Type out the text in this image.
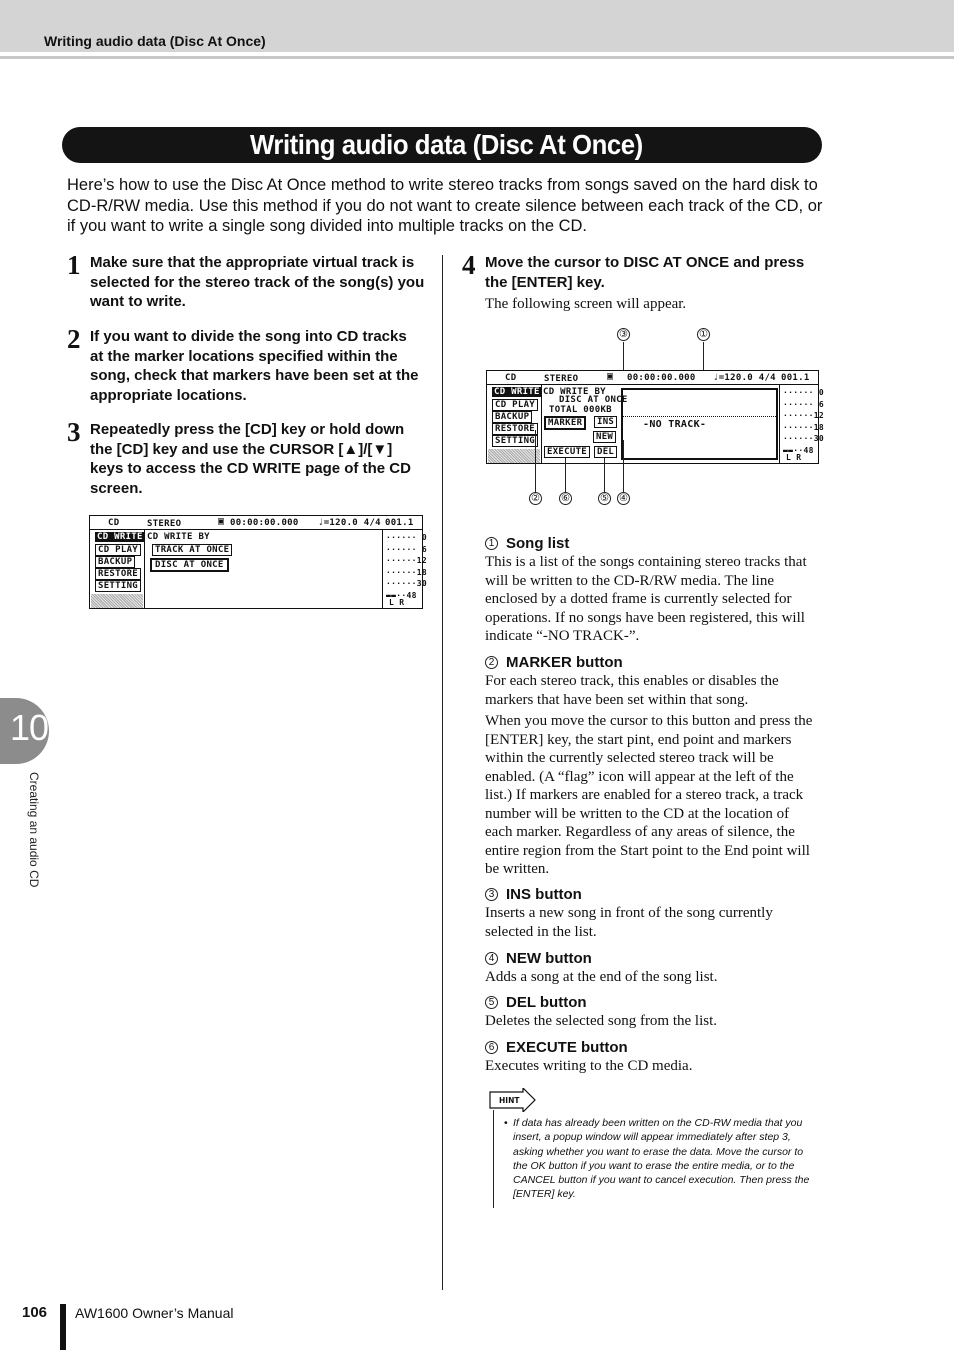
Writing audio data (Disc At Once)
Writing audio data (Disc At Once)

Here’s how to use the Disc At Once method to write stereo tracks from songs saved on the hard disk to CD-R/RW media. Use this method if you do not want to create silence between each track of the CD, or if you want to write a single song divided into multiple tracks on the CD.

1 Make sure that the appropriate virtual track is selected for the stereo track of the song(s) you want to write.
2 If you want to divide the song into CD tracks at the marker locations specified within the song, check that markers have been set at the appropriate locations.
3 Repeatedly press the [CD] key or hold down the [CD] key and use the CURSOR [▲]/[▼] keys to access the CD WRITE page of the CD screen.
CD	STEREO	▣ 00:00:00.000 ♩=120.0 4/4 001.1
CD WRITE
CD PLAY
BACKUP
RESTORE
SETTING
CD WRITE BY
TRACK AT ONCE
DISC AT ONCE
······ 0
······ 6
······12
······18
······30
▬▬··48
L R
4 Move the cursor to DISC AT ONCE and press the [ENTER] key.
The following screen will appear.
③	①
CD	STEREO	▣ 00:00:00.000 ♩=120.0 4/4 001.1
CD WRITE
CD PLAY
BACKUP
RESTORE
SETTING
CD WRITE BY
DISC AT ONCE
TOTAL 000KB
-NO TRACK-
MARKER	INS
NEW
EXECUTE	DEL
······ 0
······ 6
······12
······18
······30
▬▬··48
L R
② ⑥	⑤ ④
1 Song list

This is a list of the songs containing stereo tracks that will be written to the CD-R/RW media. The line enclosed by a dotted frame is currently selected for operations. If no songs have been registered, this will indicate “-NO TRACK-”.

2 MARKER button

For each stereo track, this enables or disables the markers that have been set within that song.

When you move the cursor to this button and press the [ENTER] key, the start pint, end point and markers within the currently selected stereo track will be enabled. (A “flag” icon will appear at the left of the list.) If markers are enabled for a stereo track, a track number will be written to the CD at the location of each marker. Regardless of any areas of silence, the entire region from the Start point to the End point will be written.

3 INS button

Inserts a new song in front of the song currently selected in the list.

4 NEW button

Adds a song at the end of the song list.

5 DEL button

Deletes the selected song from the list.

6 EXECUTE button

Executes writing to the CD media.

HINT
• If data has already been written on the CD-RW media that you insert, a popup window will appear immediately after step 3, asking whether you want to erase the data. Move the cursor to the OK button if you want to erase the entire media, or to the CANCEL button if you want to cancel execution. Then press the [ENTER] key.
10
Creating an audio CD
106 AW1600 Owner’s Manual
